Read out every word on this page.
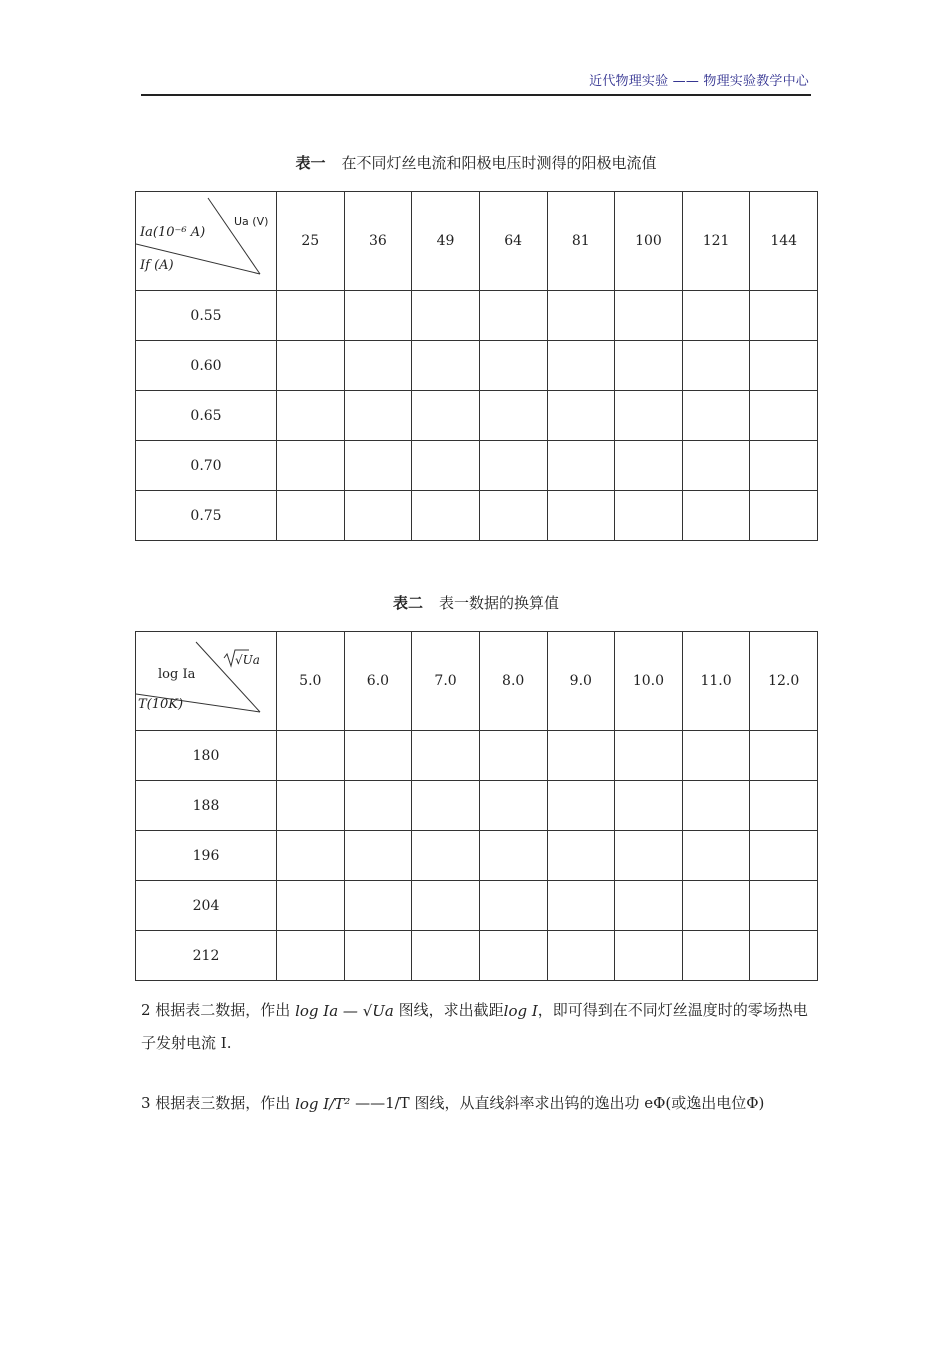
近代物理实验 —— 物理实验教学中心
表一 在不同灯丝电流和阳极电压时测得的阳极电流值
Ua (V)
Ia(10⁻⁶ A)
If (A)	25	36	49	64	81	100	121	144
0.55								
0.60								
0.65								
0.70								
0.75								
表二 表一数据的换算值
√Ua
log Ia
T(10K)	5.0	6.0	7.0	8.0	9.0	10.0	11.0	12.0
180								
188								
196								
204								
212								
2 根据表二数据，作出 log Ia — √Ua 图线，求出截距log I，即可得到在不同灯丝温度时的零场热电子发射电流 I.
3 根据表三数据，作出 log I/T² ——1/T 图线，从直线斜率求出钨的逸出功 eΦ(或逸出电位Φ)
